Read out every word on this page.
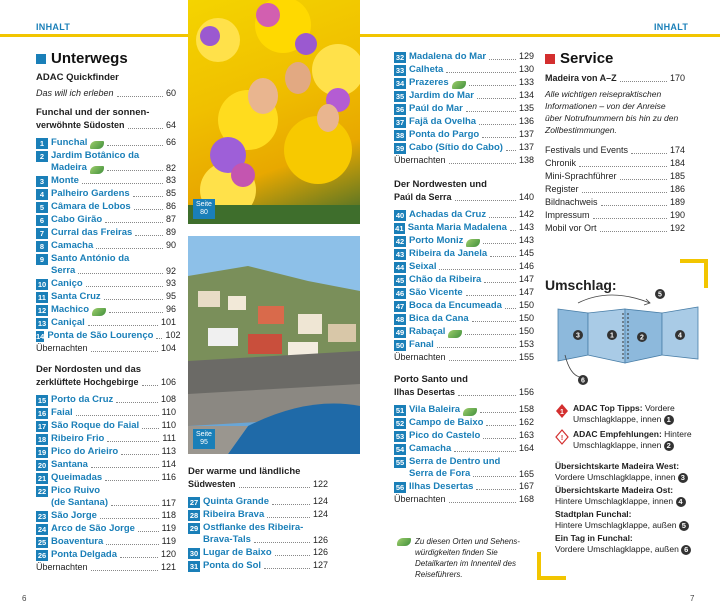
INHALT	INHALT
Unterwegs
ADAC Quickfinder
Das will ich erleben	60
Funchal und der sonnen-
verwöhnte Südosten	64
1 Funchal	66
2 Jardim Botânico da
Madeira	82
3 Monte	83
4 Palheiro Gardens	85
5 Câmara de Lobos	86
6 Cabo Girão	87
7 Curral das Freiras	89
8 Camacha	90
9 Santo António da
Serra	92
10 Caniço	93
11 Santa Cruz	95
12 Machico	96
13 Caniçal	101
14 Ponta de São Lourenço 102
Übernachten	104
Der Nordosten und das
zerklüftete Hochgebirge 106
15 Porto da Cruz	108
16 Faial	110
17 São Roque do Faial 110
18 Ribeiro Frio	111
19 Pico do Arieiro	113
20 Santana	114
21 Queimadas	116
22 Pico Ruivo
(de Santana)	117
23 São Jorge	118
24 Arco de São Jorge	119
25 Boaventura	119
26 Ponta Delgada	120
Übernachten	121
Seite
80
Seite
95
Der warme und ländliche
Südwesten	122
27 Quinta Grande	124
28 Ribeira Brava	124
29 Ostflanke des Ribeira-
Brava-Tals	126
30 Lugar de Baixo	126
31 Ponta do Sol	127
32 Madalena do Mar	129
33 Calheta	130
34 Prazeres	133
35 Jardim do Mar	134
36 Paúl do Mar	135
37 Fajã da Ovelha	136
38 Ponta do Pargo	137
39 Cabo (Sítio do Cabo) 137
Übernachten	138
Der Nordwesten und
Paúl da Serra	140
40 Achadas da Cruz	142
41 Santa Maria Madalena 143
42 Porto Moniz	143
43 Ribeira da Janela	145
44 Seixal	146
45 Chão da Ribeira	147
46 São Vicente	147
47 Boca da Encumeada 150
48 Bica da Cana	150
49 Rabaçal	150
50 Fanal	153
Übernachten	155
Porto Santo und
Ilhas Desertas	156
51 Vila Baleira	158
52 Campo de Baixo	162
53 Pico do Castelo	163
54 Camacha	164
55 Serra de Dentro und
Serra de Fora	165
56 Ilhas Desertas	167
Übernachten	168
Zu diesen Orten und Sehens-würdigkeiten finden Sie Detailkarten im Innenteil des Reiseführers.
Service
Madeira von A–Z	170
Alle wichtigen reisepraktischen Informationen – von der Anreise über Notrufnummern bis hin zu den Zollbestimmungen.
Festivals und Events	174
Chronik	184
Mini-Sprachführer	185
Register	186
Bildnachweis	189
Impressum	190
Mobil vor Ort	192
Umschlag:
5
3	1	2	4
6
1 ADAC Top Tipps: Vordere Umschlagklappe, innen 1
! ADAC Empfehlungen: Hintere Umschlagklappe, innen 2
Übersichtskarte Madeira West:
Vordere Umschlagklappe, innen 3
Übersichtskarte Madeira Ost:
Hintere Umschlagklappe, innen 4
Stadtplan Funchal:
Hintere Umschlagklappe, außen 5
Ein Tag in Funchal:
Vordere Umschlagklappe, außen 6
6	7
